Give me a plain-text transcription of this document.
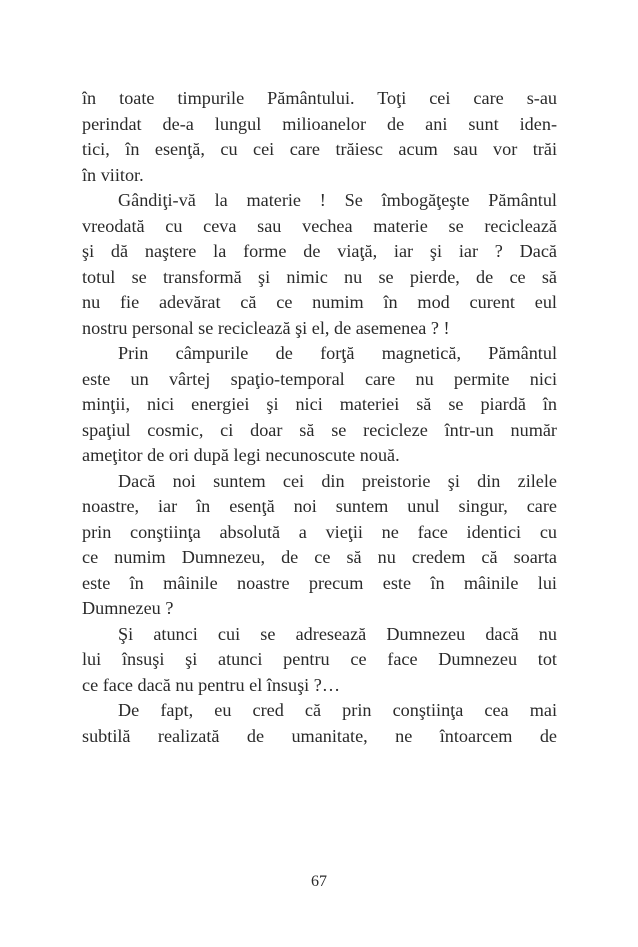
în toate timpurile Pământului. Toţi cei care s-au
perindat de-a lungul milioanelor de ani sunt iden-
tici, în esenţă, cu cei care trăiesc acum sau vor trăi
în viitor.
Gândiţi-vă la materie ! Se îmbogăţeşte Pământul
vreodată cu ceva sau vechea materie se reciclează
şi dă naştere la forme de viaţă, iar şi iar ? Dacă
totul se transformă şi nimic nu se pierde, de ce să
nu fie adevărat că ce numim în mod curent eul
nostru personal se reciclează şi el, de asemenea ? !
Prin câmpurile de forţă magnetică, Pământul
este un vârtej spaţio-temporal care nu permite nici
minţii, nici energiei şi nici materiei să se piardă în
spaţiul cosmic, ci doar să se recicleze într-un număr
ameţitor de ori după legi necunoscute nouă.
Dacă noi suntem cei din preistorie şi din zilele
noastre, iar în esenţă noi suntem unul singur, care
prin conştiinţa absolută a vieţii ne face identici cu
ce numim Dumnezeu, de ce să nu credem că soarta
este în mâinile noastre precum este în mâinile lui
Dumnezeu ?
Şi atunci cui se adresează Dumnezeu dacă nu
lui însuşi şi atunci pentru ce face Dumnezeu tot
ce face dacă nu pentru el însuşi ?…
De fapt, eu cred că prin conştiinţa cea mai
subtilă realizată de umanitate, ne întoarcem de
67
